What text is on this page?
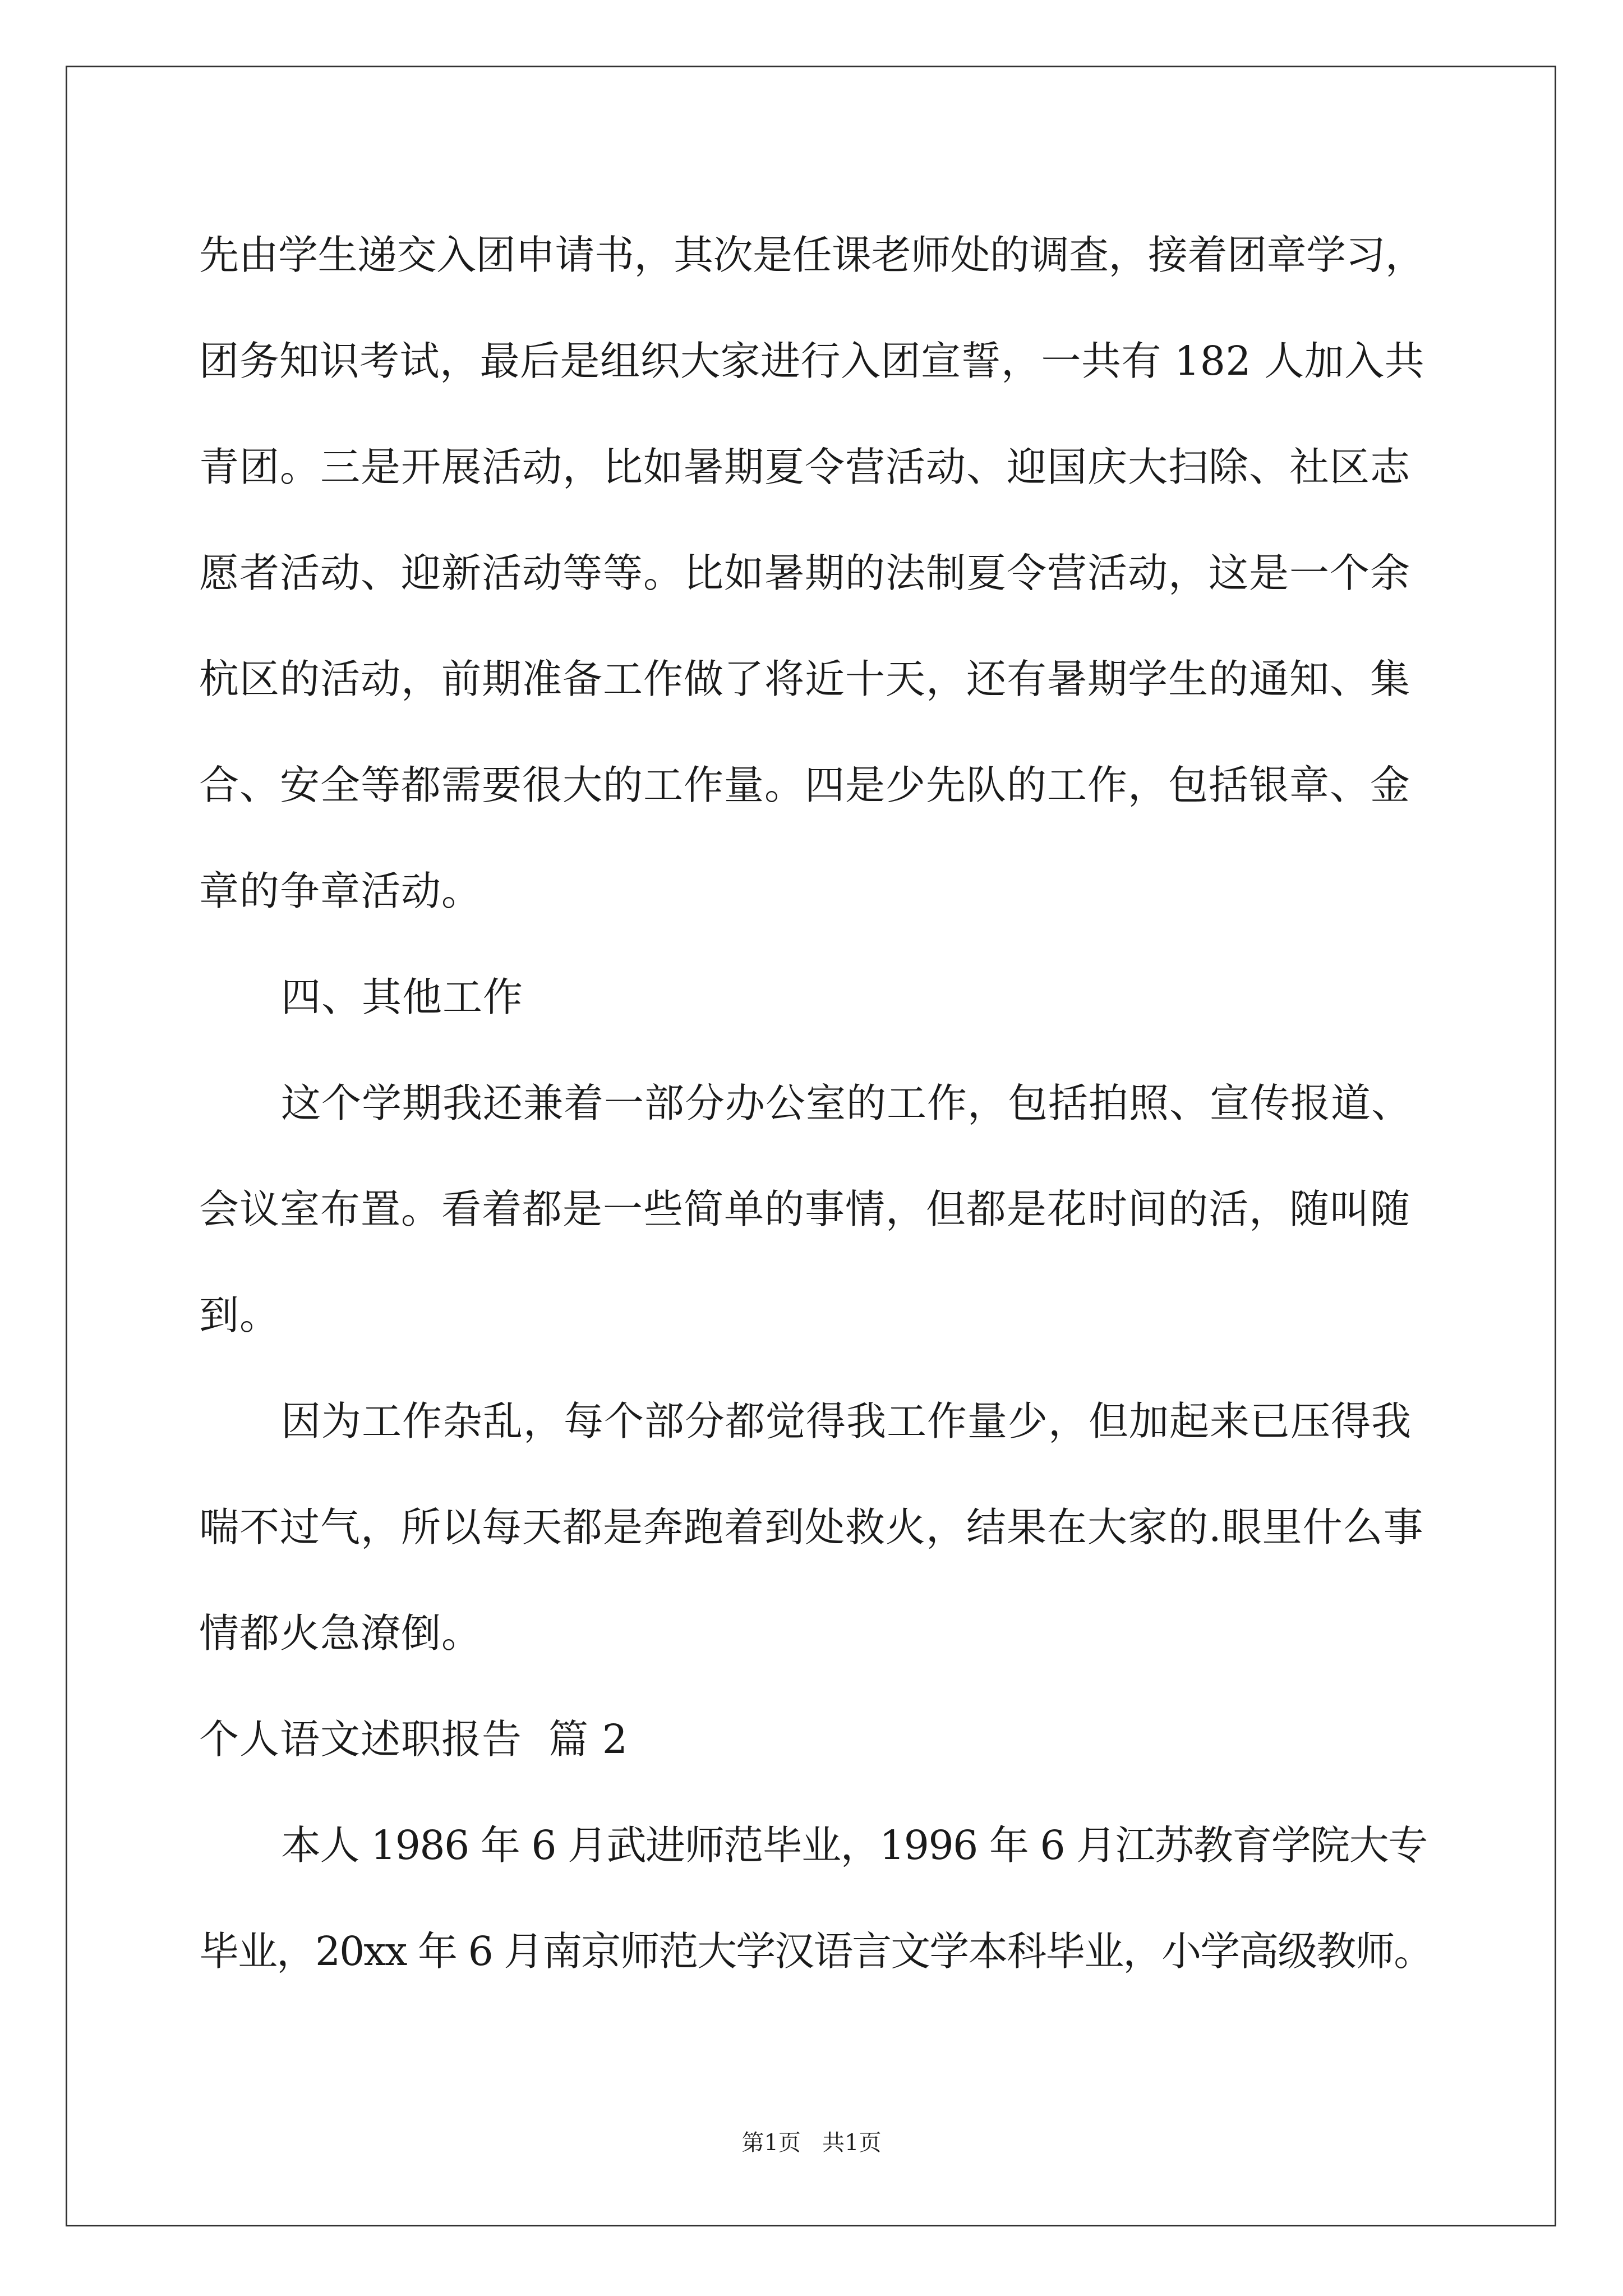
先由学生递交入团申请书，其次是任课老师处的调查，接着团章学习，
团务知识考试，最后是组织大家进行入团宣誓，一共有 182 人加入共
青团。三是开展活动，比如暑期夏令营活动、迎国庆大扫除、社区志
愿者活动、迎新活动等等。比如暑期的法制夏令营活动，这是一个余
杭区的活动，前期准备工作做了将近十天，还有暑期学生的通知、集
合、安全等都需要很大的工作量。四是少先队的工作，包括银章、金
章的争章活动。
四、其他工作
这个学期我还兼着一部分办公室的工作，包括拍照、宣传报道、
会议室布置。看着都是一些简单的事情，但都是花时间的活，随叫随
到。
因为工作杂乱，每个部分都觉得我工作量少，但加起来已压得我
喘不过气，所以每天都是奔跑着到处救火，结果在大家的.眼里什么事
情都火急潦倒。
个人语文述职报告  篇 2
本人 1986 年 6 月武进师范毕业，1996 年 6 月江苏教育学院大专
毕业，20xx 年 6 月南京师范大学汉语言文学本科毕业，小学高级教师。
第1页   共1页
